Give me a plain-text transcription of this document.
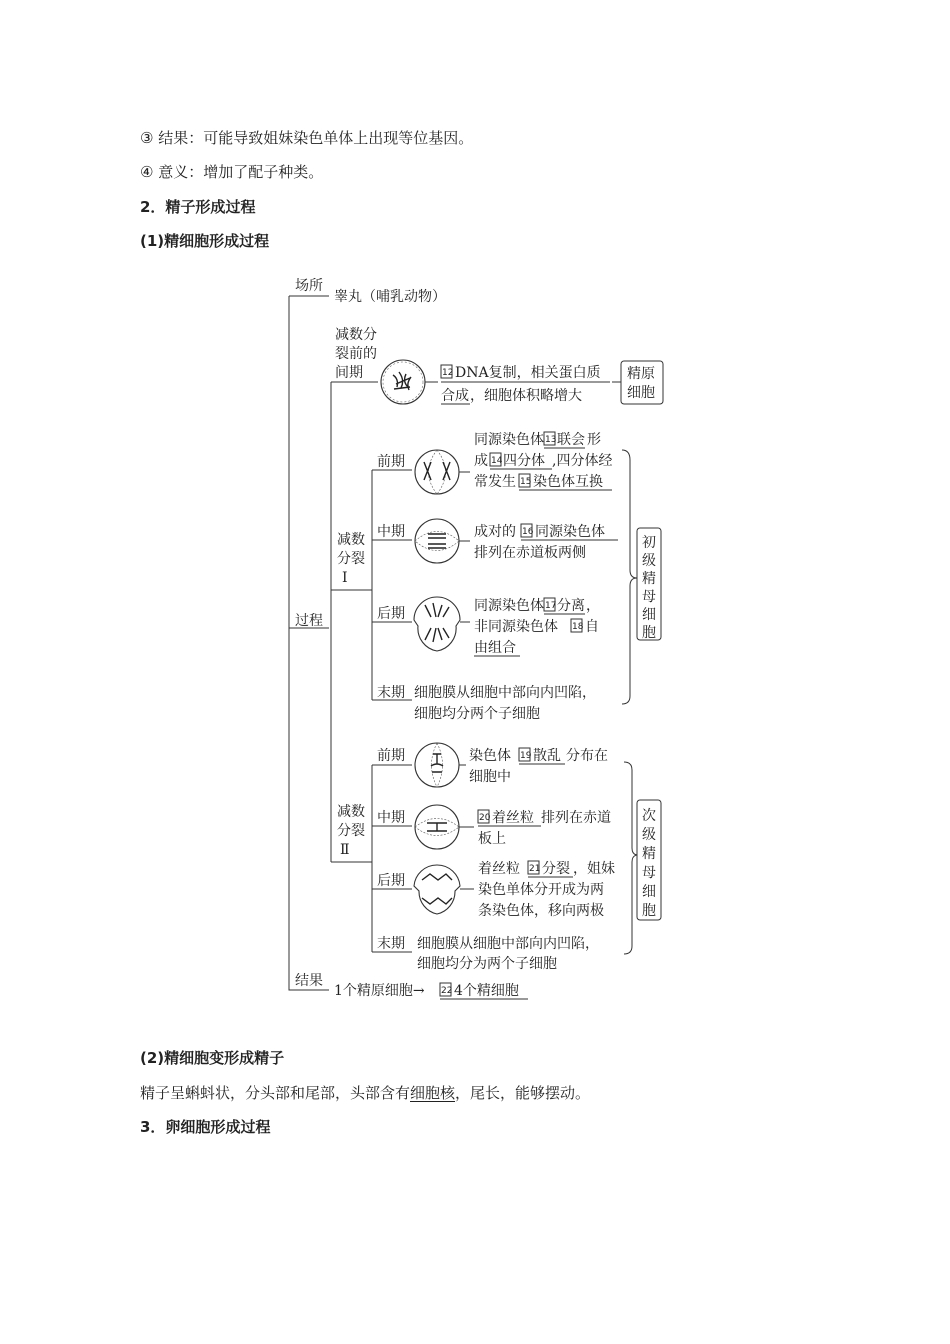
③ 结果：可能导致姐妹染色单体上出现等位基因。
④ 意义：增加了配子种类。
2．精子形成过程
(1)精细胞形成过程
场所
睾丸（哺乳动物）
过程
结果
减数分
裂前的
间期	12 DNA复制，相关蛋白质
合成 ，细胞体积略增大
精原
细胞
减数
分裂
Ⅰ
前期
同源染色体 13 联会 形
成 14 四分体 ,四分体经
常发生 15 染色体互换
中期	成对的 16 同源染色体
排列在赤道板两侧
后期	同源染色体 17 分离 ，
非同源染色体 18 自
由组合
末期 细胞膜从细胞中部向内凹陷，
细胞均分两个子细胞
初
级
精
母
细
胞
减数
分裂
Ⅱ
前期	染色体 19 散乱 分布在
细胞中
中期	20 着丝粒 排列在赤道
板上
后期
着丝粒 21 分裂 ，姐妹
染色单体分开成为两
条染色体，移向两极
末期 细胞膜从细胞中部向内凹陷，
细胞均分为两个子细胞
次
级
精
母
细
胞
1个精原细胞→ 22 4个精细胞
(2)精细胞变形成精子
精子呈蝌蚪状，分头部和尾部，头部含有细胞核，尾长，能够摆动。
3．卵细胞形成过程
